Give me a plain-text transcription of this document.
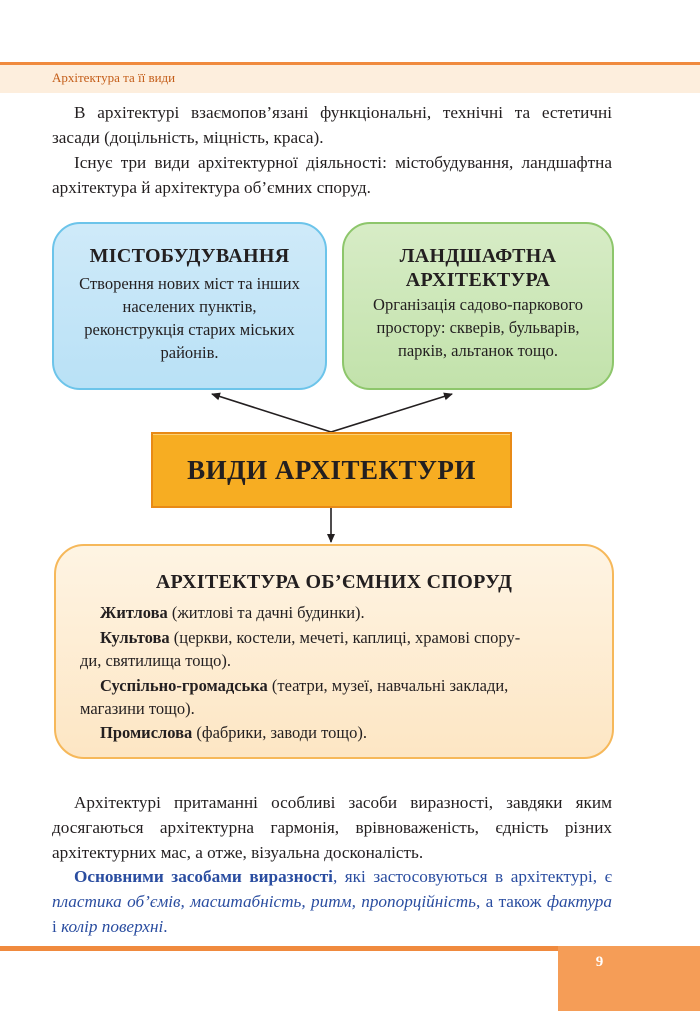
Архітектура та її види

В архітектурі взаємопов’язані функціональні, технічні та естетичні засади (доцільність, міцність, краса).

Існує три види архітектурної діяльності: містобудування, ландшафтна архітектура й архітектура об’ємних споруд.

МІСТОБУДУВАННЯ

Створення нових міст та інших населених пунктів, реконструкція старих міських районів.

ЛАНДШАФТНА
АРХІТЕКТУРА

Організація садово-паркового простору: скверів, бульварів, парків, альтанок тощо.

ВИДИ АРХІТЕКТУРИ
АРХІТЕКТУРА ОБ’ЄМНИХ СПОРУД

Житлова (житлові та дачні будинки).

Культова (церкви, костели, мечеті, каплиці, храмові спору-

ди, святилища тощо).

Суспільно-громадська (театри, музеї, навчальні заклади,

магазини тощо).

Промислова (фабрики, заводи тощо).

Архітектурі притаманні особливі засоби виразності, завдяки яким досягаються архітектурна гармонія, врівноваженість, єдність різних архітектурних мас, а отже, візуальна досконалість.

Основними засобами виразності, які застосовуються в архітектурі, є пластика об’ємів, масштабність, ритм, пропорційність, а також фактура і колір поверхні.

9
